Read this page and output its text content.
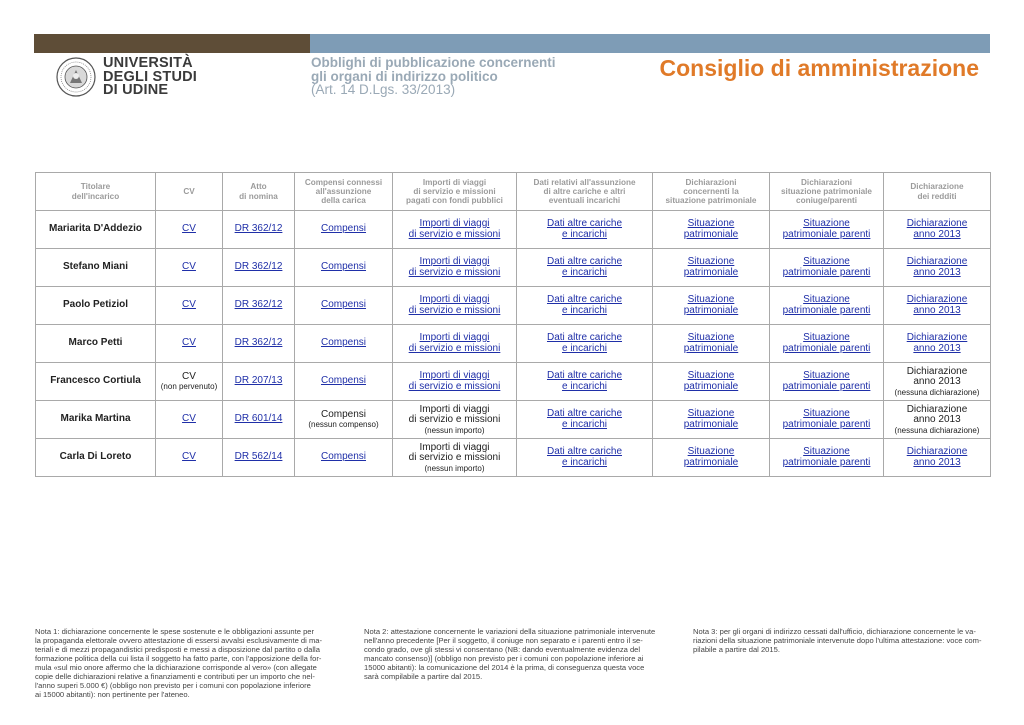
UNIVERSITÀ
DEGLI STUDI
DI UDINE
Obblighi di pubblicazione concernenti
gli organi di indirizzo politico
(Art. 14 D.Lgs. 33/2013)
Consiglio di amministrazione
Titolare
dell'incarico	CV	Atto
di nomina	Compensi connessi
all'assunzione
della carica	Importi di viaggi
di servizio e missioni
pagati con fondi pubblici	Dati relativi all'assunzione
di altre cariche e altri
eventuali incarichi	Dichiarazioni
concernenti la
situazione patrimoniale	Dichiarazioni
situazione patrimoniale
coniuge/parenti	Dichiarazione
dei redditi
Mariarita D'Addezio	CV	DR 362/12	Compensi	Importi di viaggi
di servizio e missioni	Dati altre cariche
e incarichi	Situazione
patrimoniale	Situazione
patrimoniale parenti	Dichiarazione
anno 2013
Stefano Miani	CV	DR 362/12	Compensi	Importi di viaggi
di servizio e missioni	Dati altre cariche
e incarichi	Situazione
patrimoniale	Situazione
patrimoniale parenti	Dichiarazione
anno 2013
Paolo Petiziol	CV	DR 362/12	Compensi	Importi di viaggi
di servizio e missioni	Dati altre cariche
e incarichi	Situazione
patrimoniale	Situazione
patrimoniale parenti	Dichiarazione
anno 2013
Marco Petti	CV	DR 362/12	Compensi	Importi di viaggi
di servizio e missioni	Dati altre cariche
e incarichi	Situazione
patrimoniale	Situazione
patrimoniale parenti	Dichiarazione
anno 2013
Francesco Cortiula	CV
(non pervenuto)	DR 207/13	Compensi	Importi di viaggi
di servizio e missioni	Dati altre cariche
e incarichi	Situazione
patrimoniale	Situazione
patrimoniale parenti	Dichiarazione
anno 2013
(nessuna dichiarazione)

Marika Martina	CV	DR 601/14	Compensi
(nessun compenso)	Importi di viaggi
di servizio e missioni
(nessun importo)	Dati altre cariche
e incarichi	Situazione
patrimoniale	Situazione
patrimoniale parenti	Dichiarazione
anno 2013
(nessuna dichiarazione)

Carla Di Loreto	CV	DR 562/14	Compensi	Importi di viaggi
di servizio e missioni
(nessun importo)	Dati altre cariche
e incarichi	Situazione
patrimoniale	Situazione
patrimoniale parenti	Dichiarazione
anno 2013
Nota 1: dichiarazione concernente le spese sostenute e le obbligazioni assunte per
la propaganda elettorale ovvero attestazione di essersi avvalsi esclusivamente di ma-
teriali e di mezzi propagandistici predisposti e messi a disposizione dal partito o dalla
formazione politica della cui lista il soggetto ha fatto parte, con l'apposizione della for-
mula «sul mio onore affermo che la dichiarazione corrisponde al vero» (con allegate
copie delle dichiarazioni relative a finanziamenti e contributi per un importo che nel-
l'anno superi 5.000 €) (obbligo non previsto per i comuni con popolazione inferiore
ai 15000 abitanti): non pertinente per l'ateneo.
Nota 2: attestazione concernente le variazioni della situazione patrimoniale intervenute
nell'anno precedente [Per il soggetto, il coniuge non separato e i parenti entro il se-
condo grado, ove gli stessi vi consentano (NB: dando eventualmente evidenza del
mancato consenso)] (obbligo non previsto per i comuni con popolazione inferiore ai
15000 abitanti): la comunicazione del 2014 è la prima, di conseguenza questa voce
sarà compilabile a partire dal 2015.
Nota 3: per gli organi di indirizzo cessati dall'ufficio, dichiarazione concernente le va-
riazioni della situazione patrimoniale intervenute dopo l'ultima attestazione: voce com-
pilabile a partire dal 2015.
